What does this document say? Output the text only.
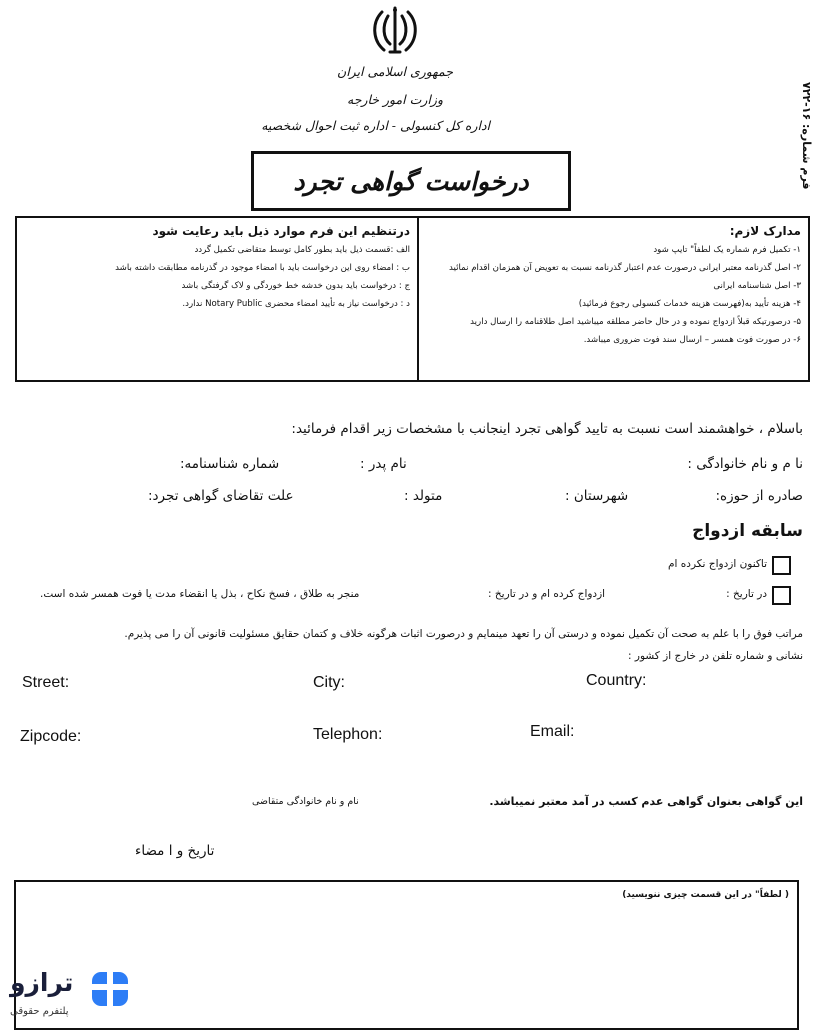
جمهوری اسلامی ایران
وزارت امور خارجه
اداره کل کنسولی - اداره ثبت احوال شخصیه
فرم شماره: ۱۶-۷۲۲
درخواست گواهی تجرد
مدارک لازم:
۱- تکمیل فرم شماره یک لطفاً" تایپ شود
۲- اصل گذرنامه معتبر ایرانی درصورت عدم اعتبار گذرنامه نسبت به تعویض آن همزمان اقدام نمائید
۳- اصل شناسنامه ایرانی
۴- هزینه تأیید به(فهرست هزینه خدمات کنسولی رجوع فرمائید)
۵- درصورتیکه قبلاً ازدواج نموده و در حال حاضر مطلقه میباشید اصل طلاقنامه را ارسال دارید
۶- در صورت فوت همسر – ارسال سند فوت ضروری میباشد.
درتنظیم این فرم موارد ذیل باید رعایت شود
الف :قسمت ذیل باید بطور کامل توسط متقاضی تکمیل گردد
ب : امضاء روی این درخواست باید با امضاء موجود در گذرنامه مطابقت داشته باشد
ج : درخواست باید بدون خدشه خط خوردگی و لاک گرفتگی باشد
د : درخواست نیاز به تأیید امضاء محضری Notary Public ندارد.
باسلام ، خواهشمند است نسبت به تایید گواهی تجرد اینجانب با مشخصات زیر اقدام فرمائید:
نا م و نام خانوادگی :
نام پدر :
شماره شناسنامه:
صادره از حوزه:
شهرستان :
متولد :
علت تقاضای گواهی تجرد:
سابقه ازدواج
تاکنون ازدواج نکرده ام
در تاریخ :
ازدواج کرده ام و در تاریخ :
منجر به طلاق ، فسخ نکاح ، بذل یا انقضاء مدت یا فوت همسر شده است.
مراتب فوق را با علم به صحت آن تکمیل نموده و درستی آن را تعهد مینمایم و درصورت اثبات هرگونه خلاف و کتمان حقایق مسئولیت قانونی آن را می پذیرم.
نشانی و شماره تلفن در خارج از کشور :
Street:	City:	Country:
Zipcode:	Telephon:	Email:
این گواهی بعنوان گواهی عدم کسب در آمد معتبر نمیباشد.
نام و نام خانوادگی متقاضی
تاریخ و ا مضاء
( لطفاً" در این قسمت چیزی ننویسید)
ترازو
پلتفرم حقوقی
